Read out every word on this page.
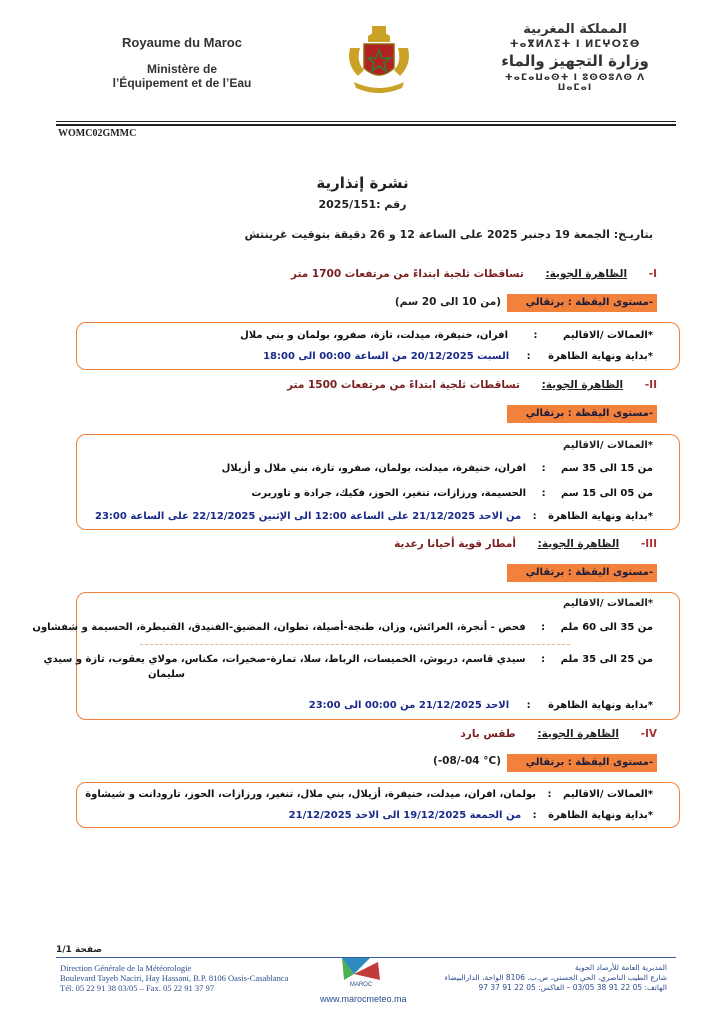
Royaume du Maroc
Ministère de
l’Équipement et de l’Eau
المملكة المغربية
ⵜⴰⴳⵍⴷⵉⵜ ⵏ ⵍⵎⵖⵔⵉⴱ
وزارة التجهيز والماء
ⵜⴰⵎⴰⵡⴰⵙⵜ ⵏ ⵓⵙⵙⵓⴷⵙ ⴷ ⵡⴰⵎⴰⵏ
WOMC02GMMC
نشرة إنذارية
رقم :2025/151
بتاريـخ: الجمعة 19 دجنبر 2025 على الساعة 12 و 26 دقيقة بتوقيت غرينتش
I- الظاهرة الجوية: تساقطات ثلجية ابتداءً من مرتفعات 1700 متر
-مستوى اليقظة : برتقالي
(من 10 الى 20 سم)
*العمالات /الاقاليم : افران، خنيفرة، ميدلت، تازة، صفرو، بولمان و بني ملال
*بداية ونهاية الظاهرة : السبت 20/12/2025 من الساعة 00:00 الى 18:00
II- الظاهرة الجوية: تساقطات ثلجية ابتداءً من مرتفعات 1500 متر
-مستوى اليقظة : برتقالي
*العمالات /الاقاليم
من 15 الى 35 سم : افران، خنيفرة، ميدلت، بولمان، صفرو، تازة، بني ملال و أزيلال
من 05 الى 15 سم : الحسيمة، ورزازات، تنغير، الحوز، فكيك، جرادة و تاوريرت
*بداية ونهاية الظاهرة : من الاحد 21/12/2025 على الساعة 12:00 الى الإثنين 22/12/2025 على الساعة 23:00
III- الظاهرة الجوية: أمطار قوية أحيانا رعدية
-مستوى اليقظة : برتقالي
*العمالات /الاقاليم
من 35 الى 60 ملم : فحص - أنجرة، العرائش، وزان، طنجة-أصيلة، تطوان، المضيق-الفنيدق، القنيطرة، الحسيمة و شفشاون
من 25 الى 35 ملم : سيدي قاسم، دريوش، الخميسات، الرباط، سلا، تمارة-صخيرات، مكناس، مولاي يعقوب، تازة و سيدي
سليمان
*بداية ونهاية الظاهرة : الاحد 21/12/2025 من 00:00 الى 23:00
IV- الظاهرة الجوية: طقس بارد
-مستوى اليقظة : برتقالي
(-08/-04 °C)
*العمالات /الاقاليم : بولمان، افران، ميدلت، خنيفرة، أزيلال، بني ملال، تنغير، ورزازات، الحوز، تارودانت و شيشاوة
*بداية ونهاية الظاهرة : من الجمعة 19/12/2025 الى الاحد 21/12/2025
صفحة 1/1
Direction Générale de la Météorologie
Boulevard Tayeb Naciri, Hay Hassani, B.P. 8106 Oasis-Casablanca
Tél. 05 22 91 38 03/05 – Fax. 05 22 91 37 97	MAROC
www.marocmeteo.ma
المديرية العامة للأرصاد الجوية
شارع الطيب الناصري، الحي الحسني، ص.ب. 8106 الواحة، الدارالبيضاء
الهاتف: 05 22 91 38 03/05 – الفاكس: 05 22 91 37 97
